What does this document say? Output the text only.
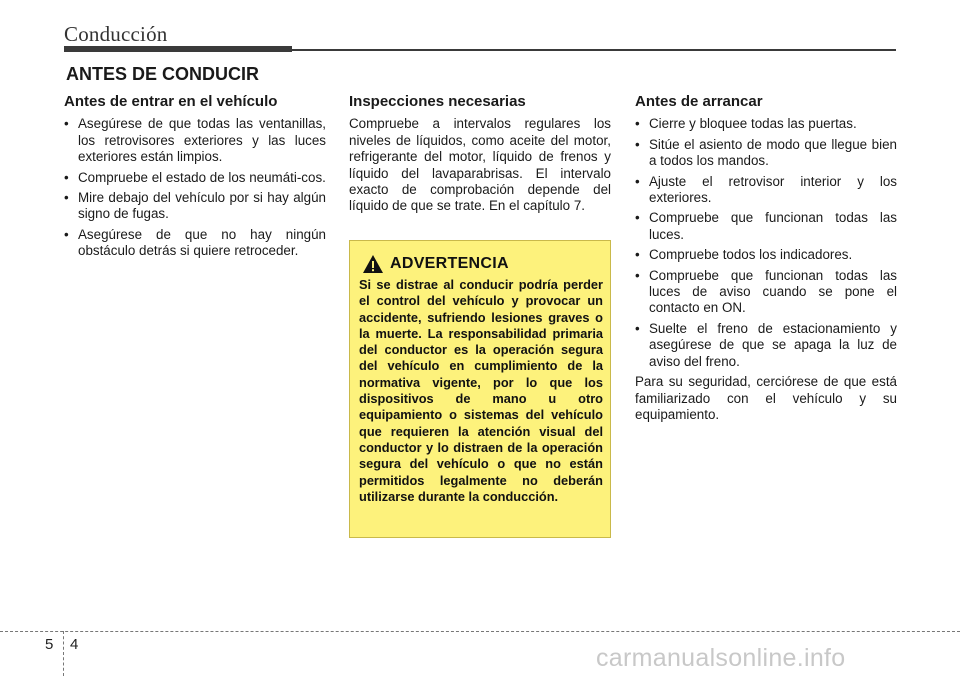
Conducción
ANTES DE CONDUCIR
Antes de entrar en el vehículo
• Asegúrese de que todas las ventanillas, los retrovisores exteriores y las luces exteriores están limpios.
• Compruebe el estado de los neumáti-cos.
• Mire debajo del vehículo por si hay algún signo de fugas.
• Asegúrese de que no hay ningún obstáculo detrás si quiere retroceder.
Inspecciones necesarias

Compruebe a intervalos regulares los niveles de líquidos, como aceite del motor, refrigerante del motor, líquido de frenos y líquido del lavaparabrisas. El intervalo exacto de comprobación depende del líquido de que se trate. En el capítulo 7.

ADVERTENCIA
Si se distrae al conducir podría perder el control del vehículo y provocar un accidente, sufriendo lesiones graves o la muerte. La responsabilidad primaria del conductor es la operación segura del vehículo en cumplimiento de la normativa vigente, por lo que los dispositivos de mano u otro equipamiento o sistemas del vehículo que requieren la atención visual del conductor y lo distraen de la operación segura del vehículo o que no están permitidos legalmente no deberán utilizarse durante la conducción.
Antes de arrancar
• Cierre y bloquee todas las puertas.
• Sitúe el asiento de modo que llegue bien a todos los mandos.
• Ajuste el retrovisor interior y los exteriores.
• Compruebe que funcionan todas las luces.
• Compruebe todos los indicadores.
• Compruebe que funcionan todas las luces de aviso cuando se pone el contacto en ON.
• Suelte el freno de estacionamiento y asegúrese de que se apaga la luz de aviso del freno.

Para su seguridad, cerciórese de que está familiarizado con el vehículo y su equipamiento.

5 4	carmanualsonline.info
